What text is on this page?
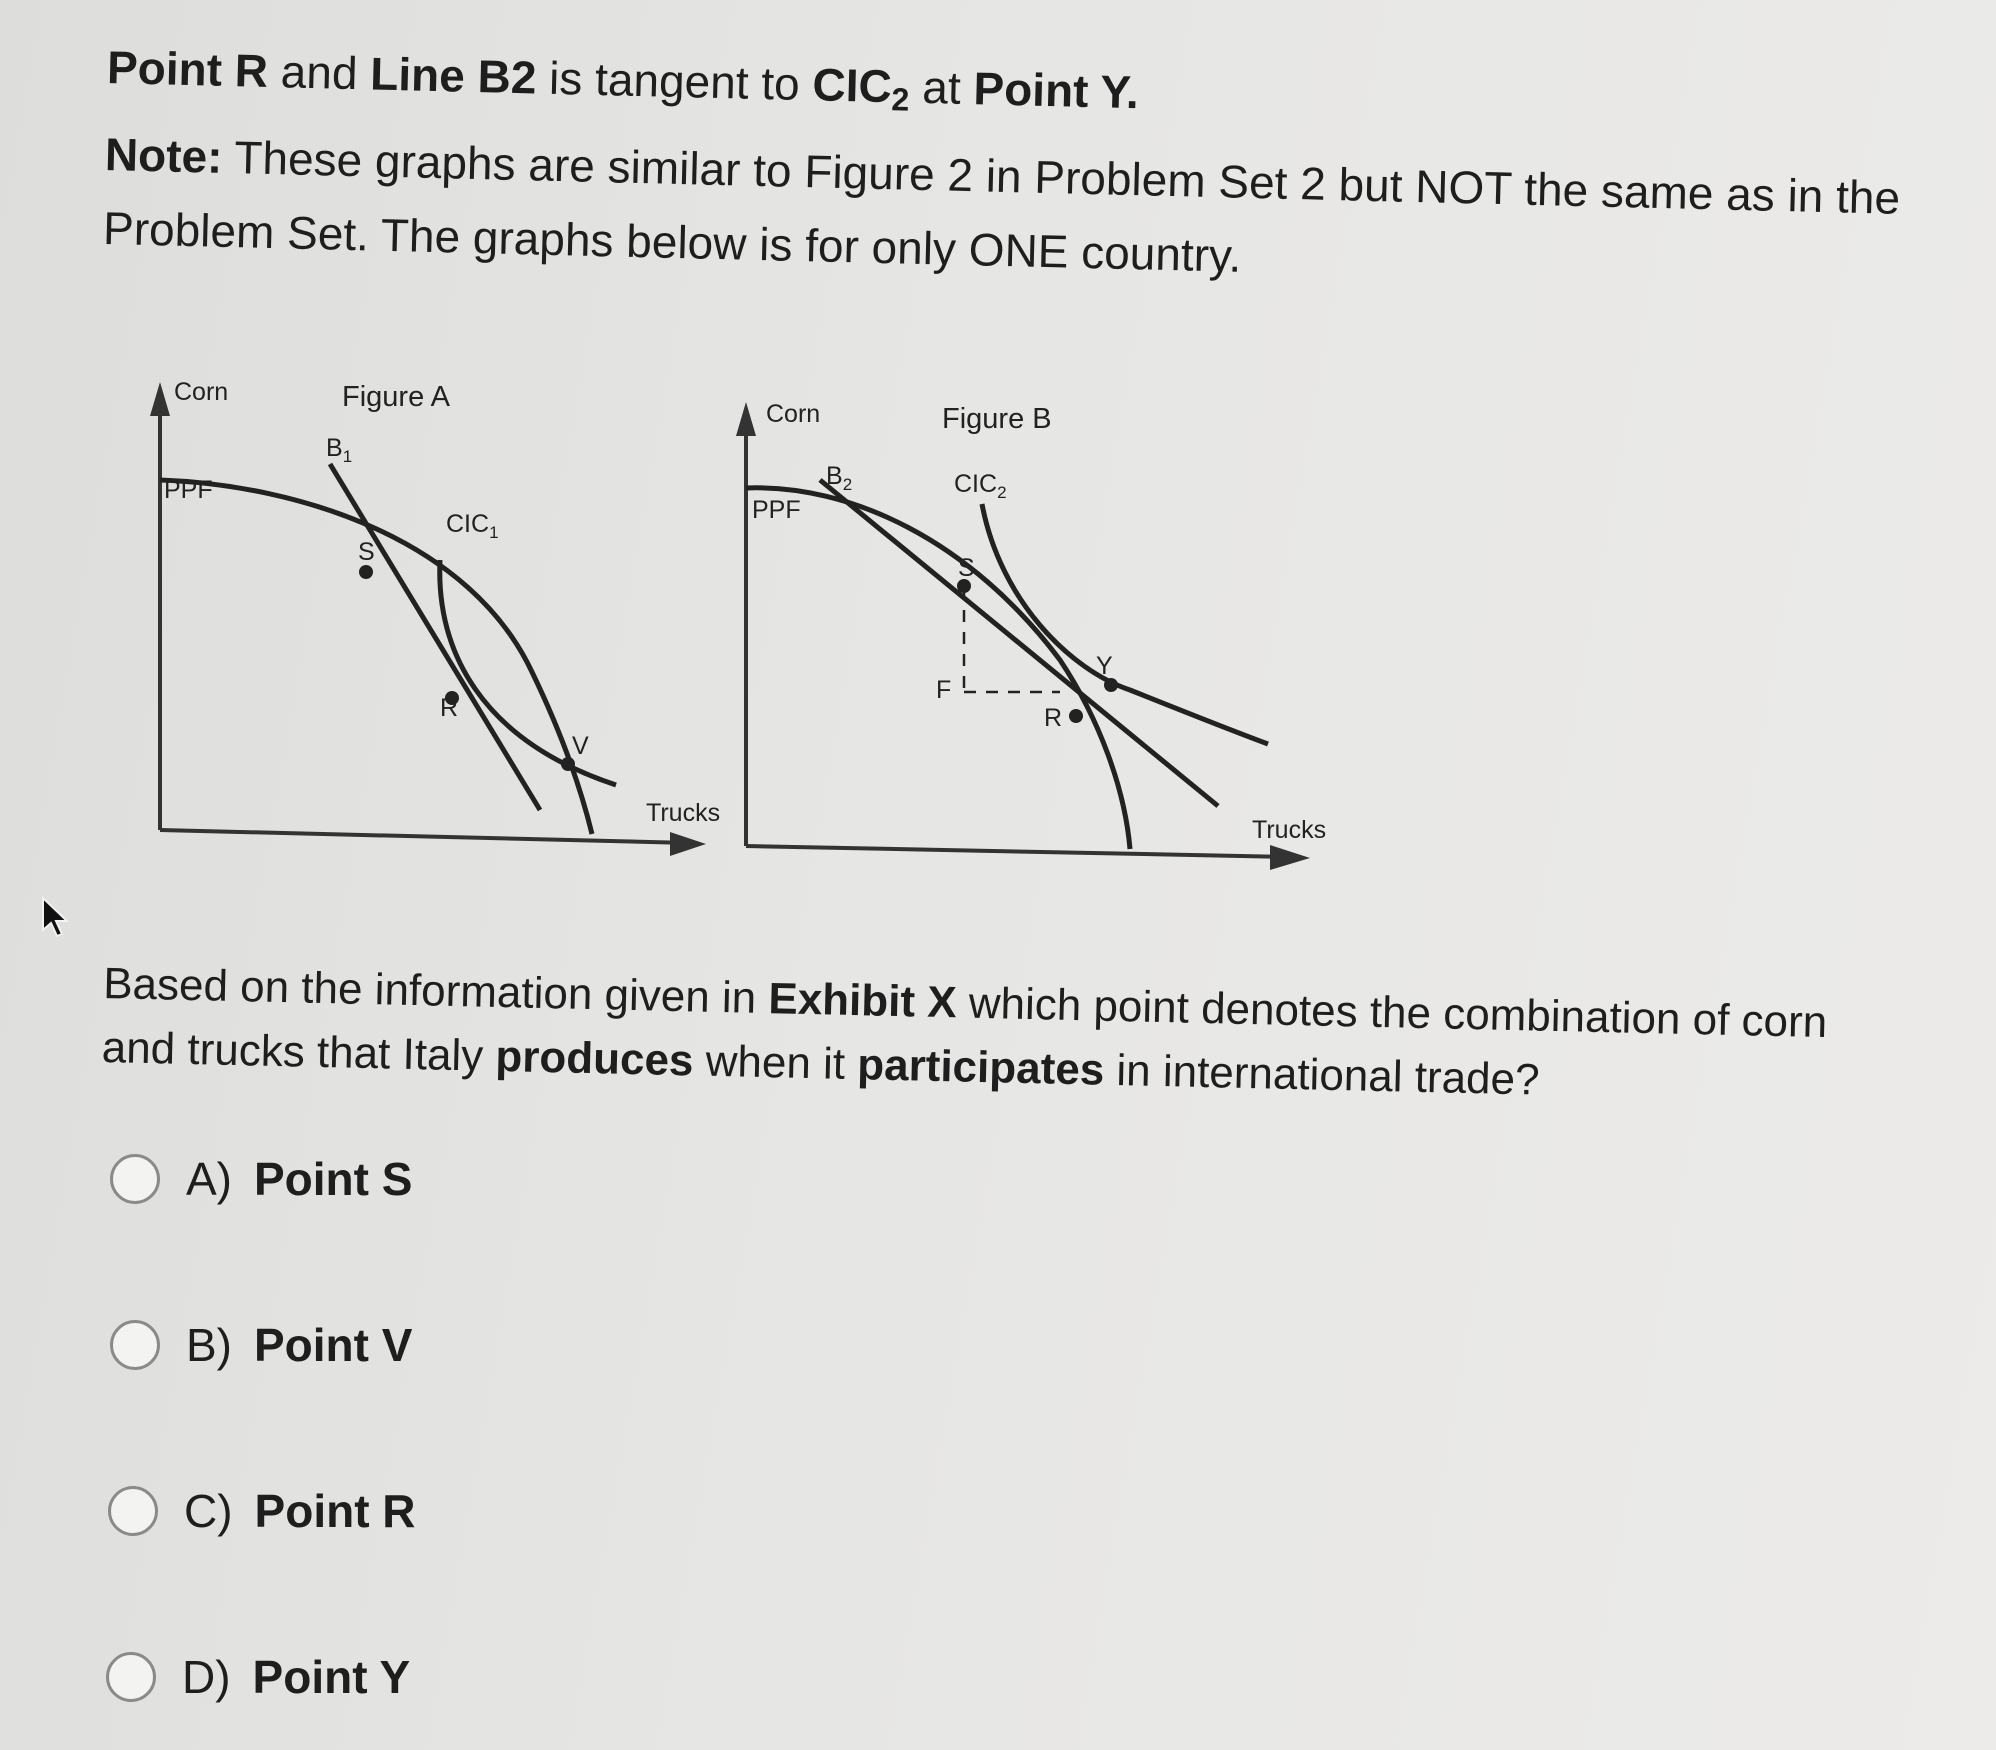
Point R and Line B2 is tangent to $CIC_2$ at Point Y.
Note: These graphs are similar to Figure 2 in Problem Set 2 but NOT the same as in the Problem Set. The graphs below is for only ONE country.
Corn	Figure A
PPF
$B_1$
$CIC_1$
S
R
V
Trucks
Corn	Figure B
PPF
$B_2$	$CIC_2$
S
F
R
Y
Trucks
Based on the information given in Exhibit X which point denotes the combination of corn and trucks that Italy produces when it participates in international trade?
A) Point S
B) Point V
C) Point R
D) Point Y
